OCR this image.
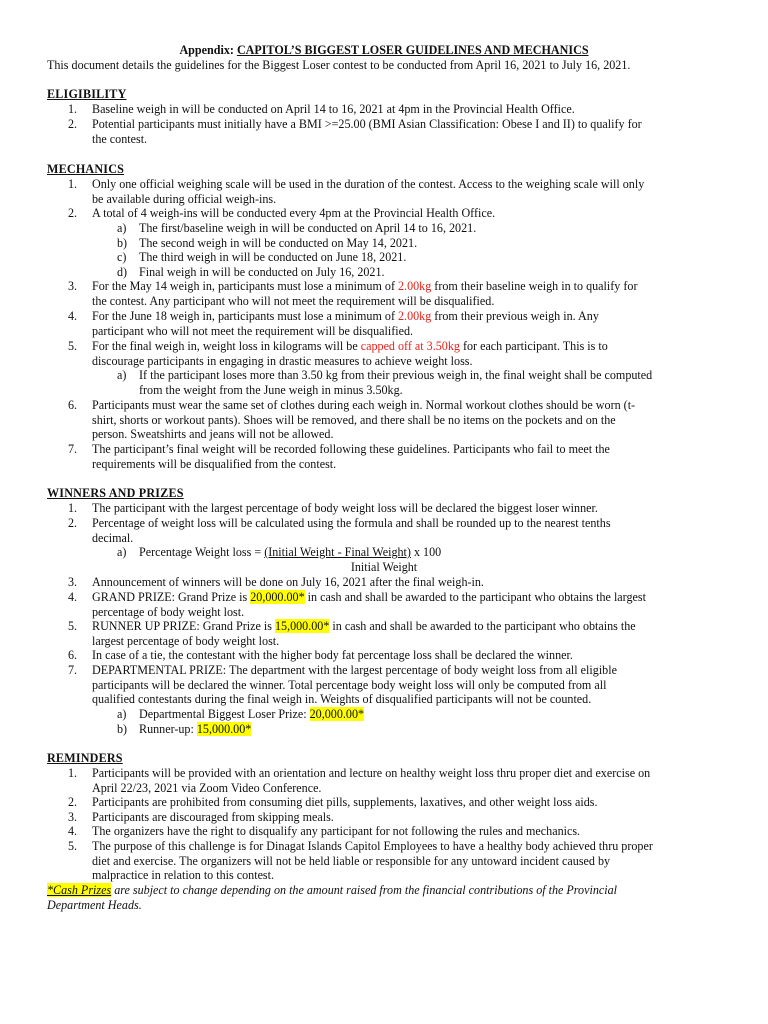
Appendix: CAPITOL’S BIGGEST LOSER GUIDELINES AND MECHANICS
This document details the guidelines for the Biggest Loser contest to be conducted from April 16, 2021 to July 16, 2021.
ELIGIBILITY
1. Baseline weigh in will be conducted on April 14 to 16, 2021 at 4pm in the Provincial Health Office.
2. Potential participants must initially have a BMI >=25.00 (BMI Asian Classification: Obese I and II) to qualify for
the contest.
MECHANICS
1. Only one official weighing scale will be used in the duration of the contest. Access to the weighing scale will only
be available during official weigh-ins.
2. A total of 4 weigh-ins will be conducted every 4pm at the Provincial Health Office.
a) The first/baseline weigh in will be conducted on April 14 to 16, 2021.
b) The second weigh in will be conducted on May 14, 2021.
c) The third weigh in will be conducted on June 18, 2021.
d) Final weigh in will be conducted on July 16, 2021.
3. For the May 14 weigh in, participants must lose a minimum of 2.00kg from their baseline weigh in to qualify for
the contest. Any participant who will not meet the requirement will be disqualified.
4. For the June 18 weigh in, participants must lose a minimum of 2.00kg from their previous weigh in. Any
participant who will not meet the requirement will be disqualified.
5. For the final weigh in, weight loss in kilograms will be capped off at 3.50kg for each participant. This is to
discourage participants in engaging in drastic measures to achieve weight loss.
a) If the participant loses more than 3.50 kg from their previous weigh in, the final weight shall be computed
from the weight from the June weigh in minus 3.50kg.
6. Participants must wear the same set of clothes during each weigh in. Normal workout clothes should be worn (t-
shirt, shorts or workout pants). Shoes will be removed, and there shall be no items on the pockets and on the
person. Sweatshirts and jeans will not be allowed.
7. The participant’s final weight will be recorded following these guidelines. Participants who fail to meet the
requirements will be disqualified from the contest.
WINNERS AND PRIZES
1. The participant with the largest percentage of body weight loss will be declared the biggest loser winner.
2. Percentage of weight loss will be calculated using the formula and shall be rounded up to the nearest tenths
decimal.
a) Percentage Weight loss = (Initial Weight - Final Weight) x 100
Initial Weight
3. Announcement of winners will be done on July 16, 2021 after the final weigh-in.
4. GRAND PRIZE: Grand Prize is 20,000.00* in cash and shall be awarded to the participant who obtains the largest
percentage of body weight lost.
5. RUNNER UP PRIZE: Grand Prize is 15,000.00* in cash and shall be awarded to the participant who obtains the
largest percentage of body weight lost.
6. In case of a tie, the contestant with the higher body fat percentage loss shall be declared the winner.
7. DEPARTMENTAL PRIZE: The department with the largest percentage of body weight loss from all eligible
participants will be declared the winner. Total percentage body weight loss will only be computed from all
qualified contestants during the final weigh in. Weights of disqualified participants will not be counted.
a) Departmental Biggest Loser Prize: 20,000.00*
b) Runner-up: 15,000.00*
REMINDERS
1. Participants will be provided with an orientation and lecture on healthy weight loss thru proper diet and exercise on
April 22/23, 2021 via Zoom Video Conference.
2. Participants are prohibited from consuming diet pills, supplements, laxatives, and other weight loss aids.
3. Participants are discouraged from skipping meals.
4. The organizers have the right to disqualify any participant for not following the rules and mechanics.
5. The purpose of this challenge is for Dinagat Islands Capitol Employees to have a healthy body achieved thru proper
diet and exercise. The organizers will not be held liable or responsible for any untoward incident caused by
malpractice in relation to this contest.
*Cash Prizes are subject to change depending on the amount raised from the financial contributions of the Provincial
Department Heads.
